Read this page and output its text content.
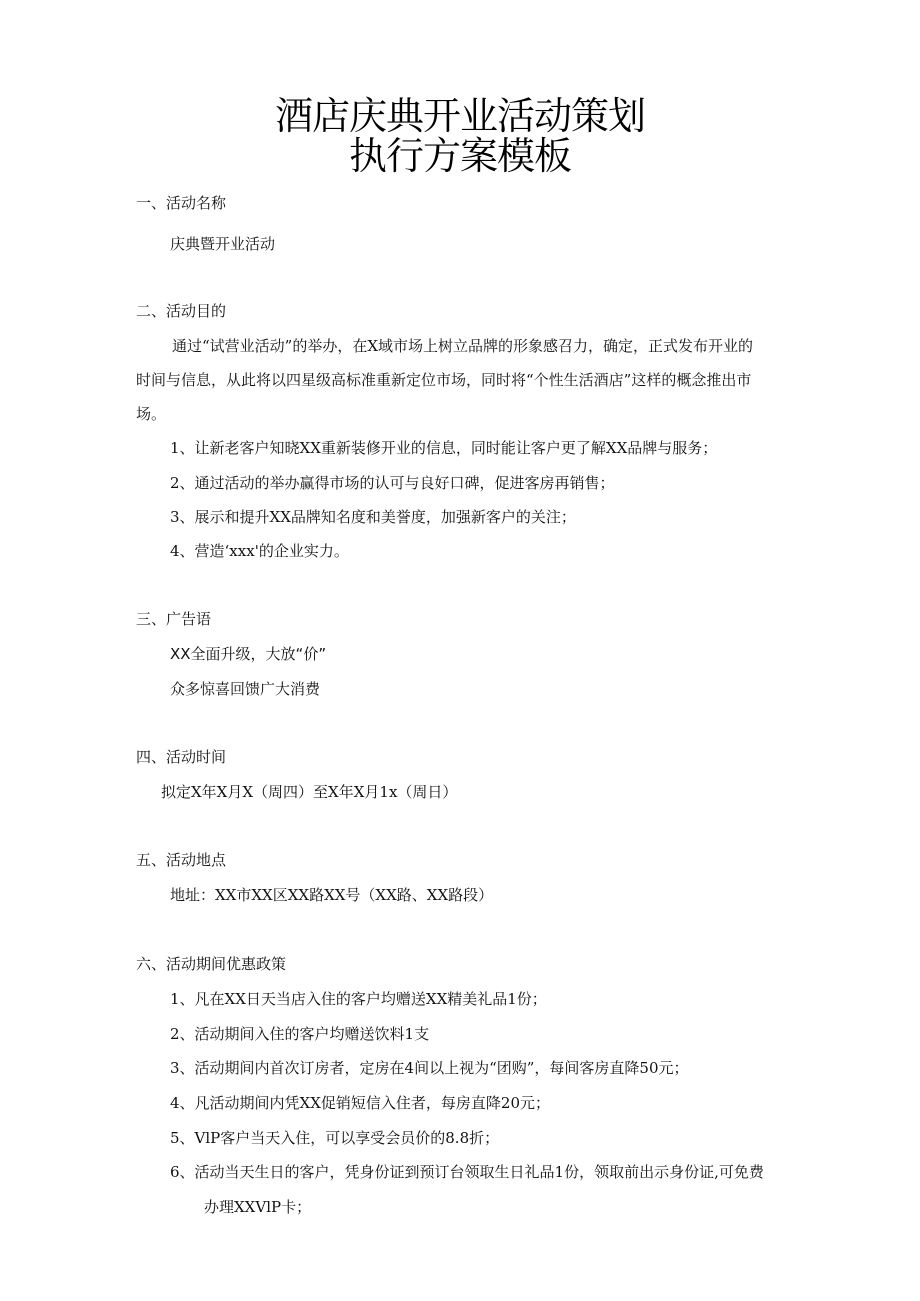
酒店庆典开业活动策划
执行方案模板
一、活动名称
庆典暨开业活动
二、活动目的
通过“试营业活动”的举办，在X域市场上树立品牌的形象感召力，确定，正式发布开业的
时间与信息，从此将以四星级高标准重新定位市场，同时将“个性生活酒店”这样的概念推出市
场。
1、让新老客户知晓XX重新装修开业的信息，同时能让客户更了解XX品牌与服务；
2、通过活动的举办赢得市场的认可与良好口碑，促进客房再销售；
3、展示和提升XX品牌知名度和美誉度，加强新客户的关注；
4、营造‘xxx'的企业实力。
三、广告语
XX全面升级，大放“价”
众多惊喜回馈广大消费
四、活动时间
拟定X年X月X（周四）至X年X月1x（周日）
五、活动地点
地址：XX市XX区XX路XX号（XX路、XX路段）
六、活动期间优惠政策
1、凡在XX日天当店入住的客户均赠送XX精美礼品1份；
2、活动期间入住的客户均赠送饮料1支
3、活动期间内首次订房者，定房在4间以上视为“团购”，每间客房直降50元；
4、凡活动期间内凭XX促销短信入住者，每房直降20元；
5、VlP客户当天入住，可以享受会员价的8.8折；
6、活动当天生日的客户，凭身份证到预订台领取生日礼品1份，领取前出示身份证,可免费
办理XXVlP卡；
